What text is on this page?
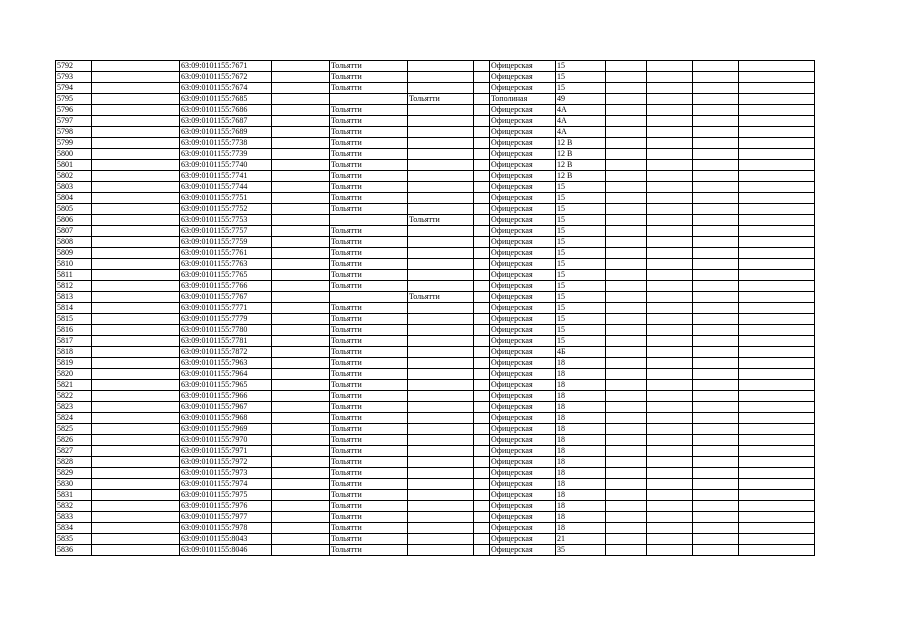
5792		63:09:0101155:7671		Тольятти			Офицерская	15				
5793		63:09:0101155:7672		Тольятти			Офицерская	15				
5794		63:09:0101155:7674		Тольятти			Офицерская	15				
5795		63:09:0101155:7685			Тольятти		Тополиная	49				
5796		63:09:0101155:7686		Тольятти			Офицерская	4А				
5797		63:09:0101155:7687		Тольятти			Офицерская	4А				
5798		63:09:0101155:7689		Тольятти			Офицерская	4А				
5799		63:09:0101155:7738		Тольятти			Офицерская	12 В				
5800		63:09:0101155:7739		Тольятти			Офицерская	12 В				
5801		63:09:0101155:7740		Тольятти			Офицерская	12 В				
5802		63:09:0101155:7741		Тольятти			Офицерская	12 В				
5803		63:09:0101155:7744		Тольятти			Офицерская	15				
5804		63:09:0101155:7751		Тольятти			Офицерская	15				
5805		63:09:0101155:7752		Тольятти			Офицерская	15				
5806		63:09:0101155:7753			Тольятти		Офицерская	15				
5807		63:09:0101155:7757		Тольятти			Офицерская	15				
5808		63:09:0101155:7759		Тольятти			Офицерская	15				
5809		63:09:0101155:7761		Тольятти			Офицерская	15				
5810		63:09:0101155:7763		Тольятти			Офицерская	15				
5811		63:09:0101155:7765		Тольятти			Офицерская	15				
5812		63:09:0101155:7766		Тольятти			Офицерская	15				
5813		63:09:0101155:7767			Тольятти		Офицерская	15				
5814		63:09:0101155:7771		Тольятти			Офицерская	15				
5815		63:09:0101155:7779		Тольятти			Офицерская	15				
5816		63:09:0101155:7780		Тольятти			Офицерская	15				
5817		63:09:0101155:7781		Тольятти			Офицерская	15				
5818		63:09:0101155:7872		Тольятти			Офицерская	4Б				
5819		63:09:0101155:7963		Тольятти			Офицерская	18				
5820		63:09:0101155:7964		Тольятти			Офицерская	18				
5821		63:09:0101155:7965		Тольятти			Офицерская	18				
5822		63:09:0101155:7966		Тольятти			Офицерская	18				
5823		63:09:0101155:7967		Тольятти			Офицерская	18				
5824		63:09:0101155:7968		Тольятти			Офицерская	18				
5825		63:09:0101155:7969		Тольятти			Офицерская	18				
5826		63:09:0101155:7970		Тольятти			Офицерская	18				
5827		63:09:0101155:7971		Тольятти			Офицерская	18				
5828		63:09:0101155:7972		Тольятти			Офицерская	18				
5829		63:09:0101155:7973		Тольятти			Офицерская	18				
5830		63:09:0101155:7974		Тольятти			Офицерская	18				
5831		63:09:0101155:7975		Тольятти			Офицерская	18				
5832		63:09:0101155:7976		Тольятти			Офицерская	18				
5833		63:09:0101155:7977		Тольятти			Офицерская	18				
5834		63:09:0101155:7978		Тольятти			Офицерская	18				
5835		63:09:0101155:8043		Тольятти			Офицерская	21				
5836		63:09:0101155:8046		Тольятти			Офицерская	35				
